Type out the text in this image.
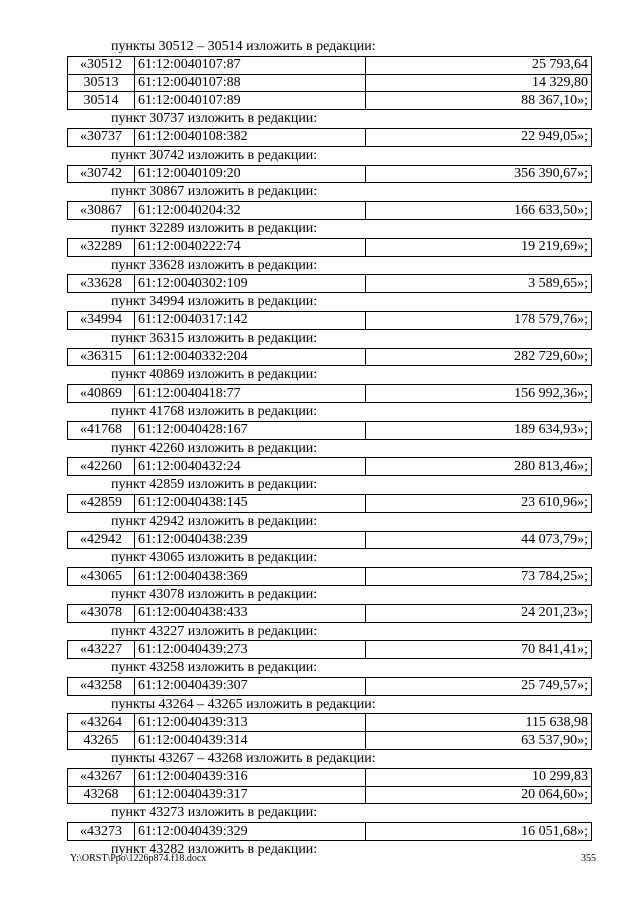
пункты 30512 – 30514 изложить в редакции:
«30512	61:12:0040107:87	25 793,64
30513	61:12:0040107:88	14 329,80
30514	61:12:0040107:89	88 367,10»;
пункт 30737 изложить в редакции:
«30737	61:12:0040108:382	22 949,05»;
пункт 30742 изложить в редакции:
«30742	61:12:0040109:20	356 390,67»;
пункт 30867 изложить в редакции:
«30867	61:12:0040204:32	166 633,50»;
пункт 32289 изложить в редакции:
«32289	61:12:0040222:74	19 219,69»;
пункт 33628 изложить в редакции:
«33628	61:12:0040302:109	3 589,65»;
пункт 34994 изложить в редакции:
«34994	61:12:0040317:142	178 579,76»;
пункт 36315 изложить в редакции:
«36315	61:12:0040332:204	282 729,60»;
пункт 40869 изложить в редакции:
«40869	61:12:0040418:77	156 992,36»;
пункт 41768 изложить в редакции:
«41768	61:12:0040428:167	189 634,93»;
пункт 42260 изложить в редакции:
«42260	61:12:0040432:24	280 813,46»;
пункт 42859 изложить в редакции:
«42859	61:12:0040438:145	23 610,96»;
пункт 42942 изложить в редакции:
«42942	61:12:0040438:239	44 073,79»;
пункт 43065 изложить в редакции:
«43065	61:12:0040438:369	73 784,25»;
пункт 43078 изложить в редакции:
«43078	61:12:0040438:433	24 201,23»;
пункт 43227 изложить в редакции:
«43227	61:12:0040439:273	70 841,41»;
пункт 43258 изложить в редакции:
«43258	61:12:0040439:307	25 749,57»;
пункты 43264 – 43265 изложить в редакции:
«43264	61:12:0040439:313	115 638,98
43265	61:12:0040439:314	63 537,90»;
пункты 43267 – 43268 изложить в редакции:
«43267	61:12:0040439:316	10 299,83
43268	61:12:0040439:317	20 064,60»;
пункт 43273 изложить в редакции:
«43273	61:12:0040439:329	16 051,68»;
пункт 43282 изложить в редакции:
Y:\ORST\Ppo\1226p874.f18.docx	355
